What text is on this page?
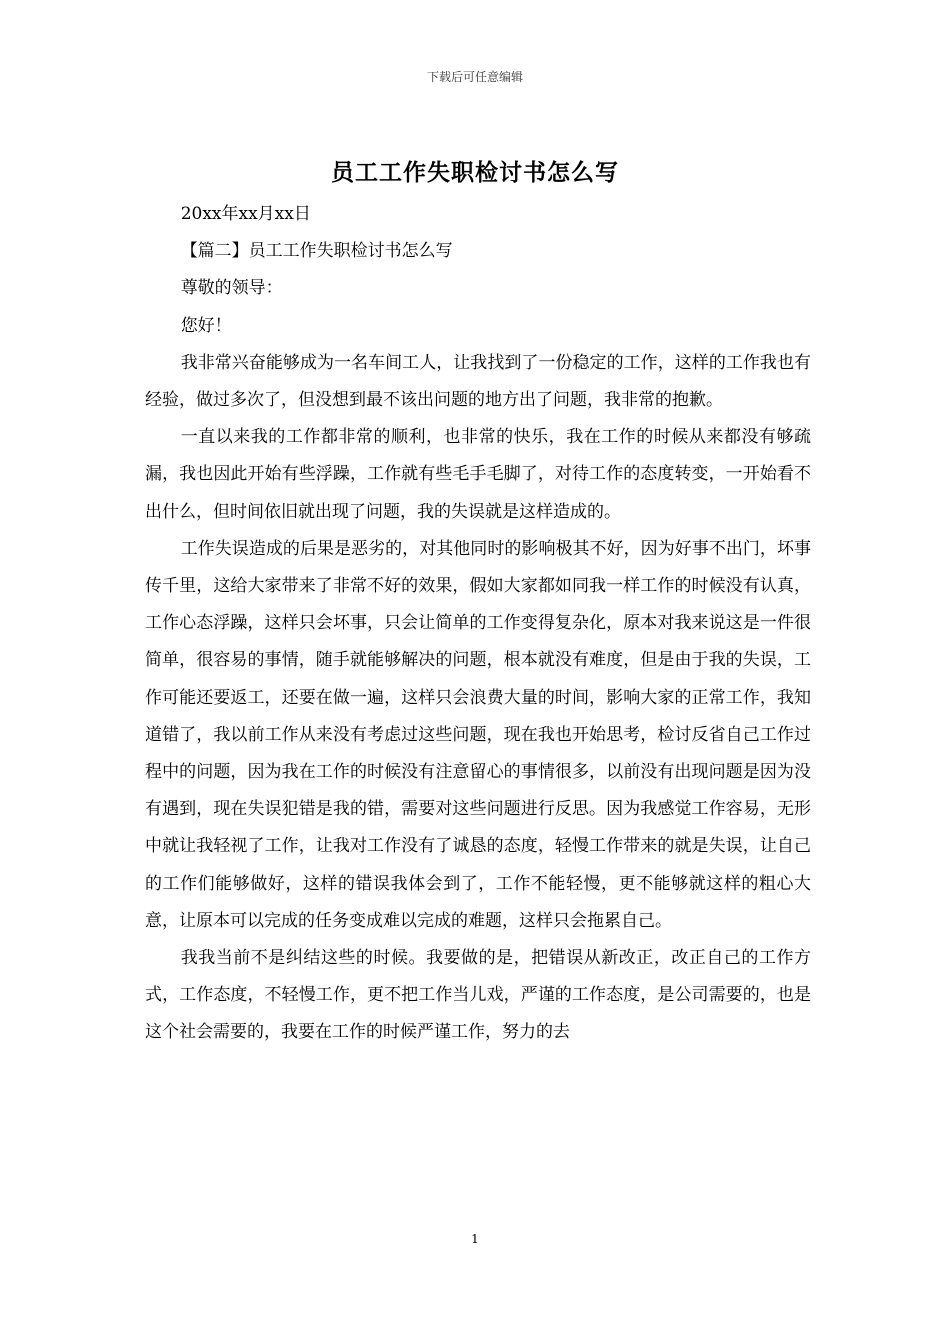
下载后可任意编辑
员工工作失职检讨书怎么写

20xx年xx月xx日

【篇二】员工工作失职检讨书怎么写

尊敬的领导：

您好！

我非常兴奋能够成为一名车间工人，让我找到了一份稳定的工作，这样的工作我也有经验，做过多次了，但没想到最不该出问题的地方出了问题，我非常的抱歉。

一直以来我的工作都非常的顺利，也非常的快乐，我在工作的时候从来都没有够疏漏，我也因此开始有些浮躁，工作就有些毛手毛脚了，对待工作的态度转变，一开始看不出什么，但时间依旧就出现了问题，我的失误就是这样造成的。

工作失误造成的后果是恶劣的，对其他同时的影响极其不好，因为好事不出门，坏事传千里，这给大家带来了非常不好的效果，假如大家都如同我一样工作的时候没有认真，工作心态浮躁，这样只会坏事，只会让简单的工作变得复杂化，原本对我来说这是一件很简单，很容易的事情，随手就能够解决的问题，根本就没有难度，但是由于我的失误，工作可能还要返工，还要在做一遍，这样只会浪费大量的时间，影响大家的正常工作，我知道错了，我以前工作从来没有考虑过这些问题，现在我也开始思考，检讨反省自己工作过程中的问题，因为我在工作的时候没有注意留心的事情很多，以前没有出现问题是因为没有遇到，现在失误犯错是我的错，需要对这些问题进行反思。因为我感觉工作容易，无形中就让我轻视了工作，让我对工作没有了诚恳的态度，轻慢工作带来的就是失误，让自己的工作们能够做好，这样的错误我体会到了，工作不能轻慢，更不能够就这样的粗心大意，让原本可以完成的任务变成难以完成的难题，这样只会拖累自己。

我我当前不是纠结这些的时候。我要做的是，把错误从新改正，改正自己的工作方式，工作态度，不轻慢工作，更不把工作当儿戏，严谨的工作态度，是公司需要的，也是这个社会需要的，我要在工作的时候严谨工作，努力的去

1
